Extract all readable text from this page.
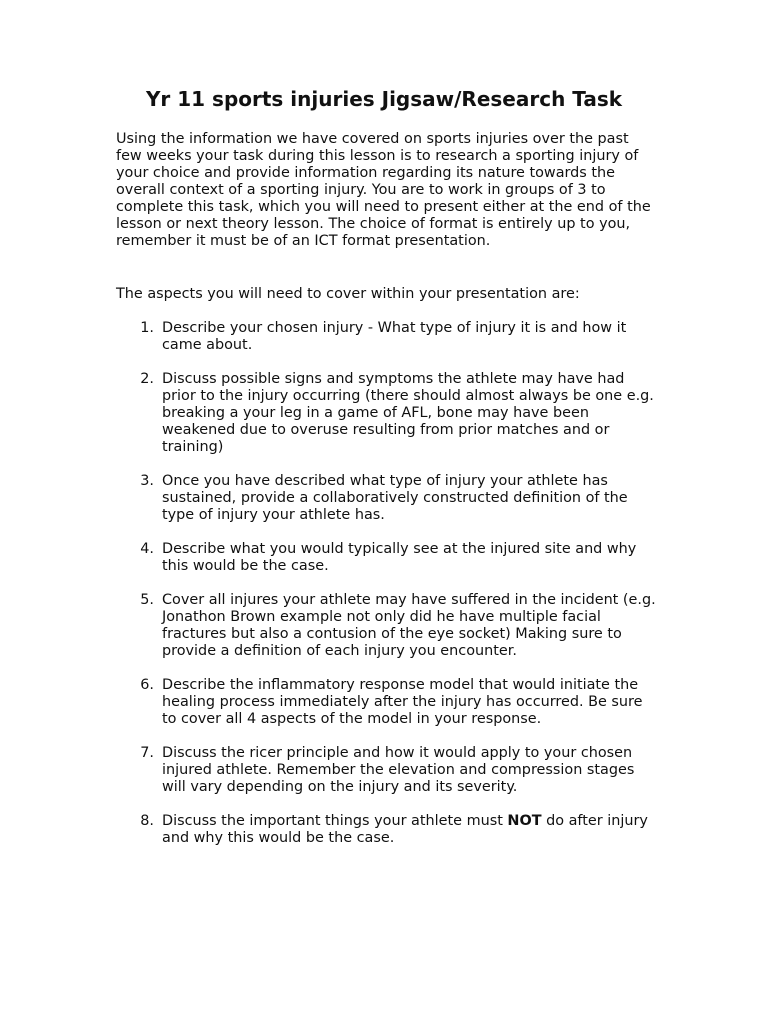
Yr 11 sports injuries Jigsaw/Research Task

Using the information we have covered on sports injuries over the past few weeks your task during this lesson is to research a sporting injury of your choice and provide information regarding its nature towards the overall context of a sporting injury. You are to work in groups of 3 to complete this task, which you will need to present either at the end of the lesson or next theory lesson. The choice of format is entirely up to you, remember it must be of an ICT format presentation.

The aspects you will need to cover within your presentation are:

1. Describe your chosen injury - What type of injury it is and how it came about.
2. Discuss possible signs and symptoms the athlete may have had prior to the injury occurring (there should almost always be one e.g. breaking a your leg in a game of AFL, bone may have been weakened due to overuse resulting from prior matches and or training)
3. Once you have described what type of injury your athlete has sustained, provide a collaboratively constructed definition of the type of injury your athlete has.
4. Describe what you would typically see at the injured site and why this would be the case.
5. Cover all injures your athlete may have suffered in the incident (e.g. Jonathon Brown example not only did he have multiple facial fractures but also a contusion of the eye socket) Making sure to provide a definition of each injury you encounter.
6. Describe the inflammatory response model that would initiate the healing process immediately after the injury has occurred. Be sure to cover all 4 aspects of the model in your response.
7. Discuss the ricer principle and how it would apply to your chosen injured athlete. Remember the elevation and compression stages will vary depending on the injury and its severity.
8. Discuss the important things your athlete must NOT do after injury and why this would be the case.
